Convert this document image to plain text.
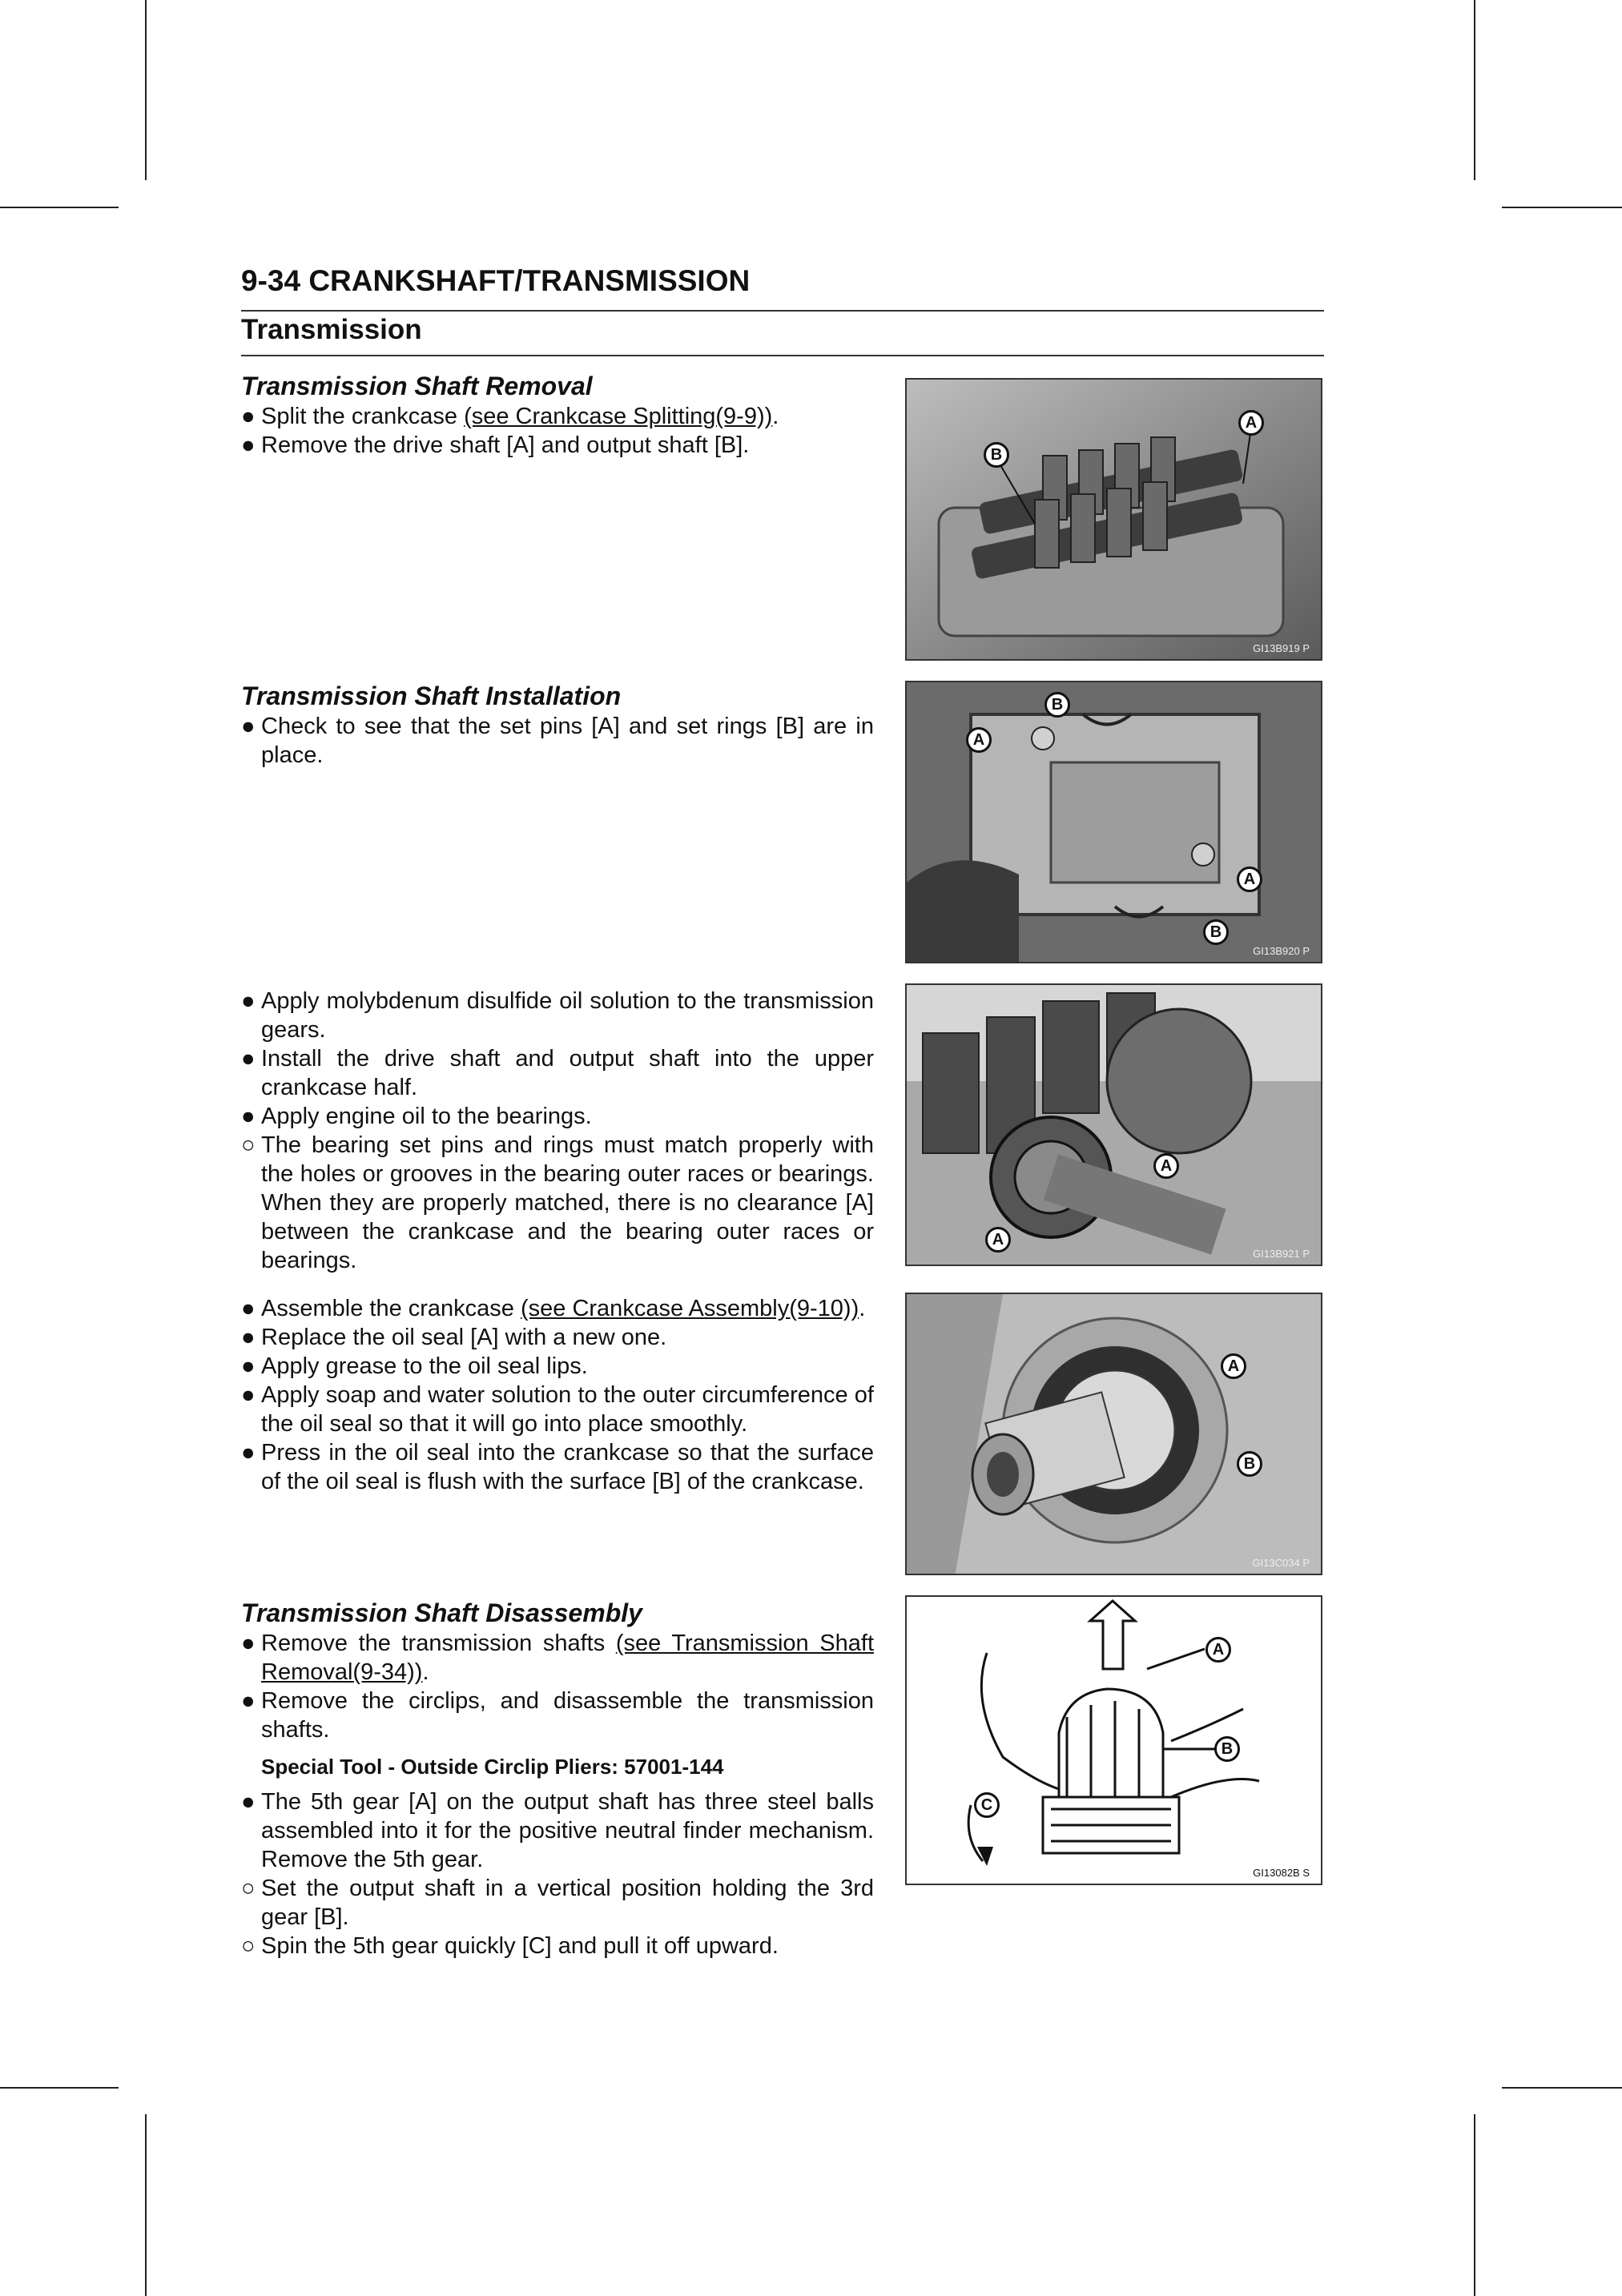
9-34 CRANKSHAFT/TRANSMISSION
Transmission
Transmission Shaft Removal
● Split the crankcase (see Crankcase Splitting(9-9)).
● Remove the drive shaft [A] and output shaft [B].	B
A
GI13B919 P
Transmission Shaft Installation
● Check to see that the set pins [A] and set rings [B] are in place.
A
B
A
B
GI13B920 P
● Apply molybdenum disulfide oil solution to the transmission gears.
● Install the drive shaft and output shaft into the upper crankcase half.
● Apply engine oil to the bearings.
○ The bearing set pins and rings must match properly with the holes or grooves in the bearing outer races or bearings. When they are properly matched, there is no clearance [A] between the crankcase and the bearing outer races or bearings.
A
A
GI13B921 P
● Assemble the crankcase (see Crankcase Assembly(9-10)).
● Replace the oil seal [A] with a new one.
● Apply grease to the oil seal lips.
● Apply soap and water solution to the outer circumference of the oil seal so that it will go into place smoothly.
● Press in the oil seal into the crankcase so that the surface of the oil seal is flush with the surface [B] of the crankcase.
A
B
GI13C034 P
Transmission Shaft Disassembly
● Remove the transmission shafts (see Transmission Shaft Removal(9-34)).
● Remove the circlips, and disassemble the transmission shafts.
Special Tool - Outside Circlip Pliers: 57001-144
● The 5th gear [A] on the output shaft has three steel balls assembled into it for the positive neutral finder mechanism. Remove the 5th gear.
○ Set the output shaft in a vertical position holding the 3rd gear [B].
○ Spin the 5th gear quickly [C] and pull it off upward.
A
B
C
GI13082B S
